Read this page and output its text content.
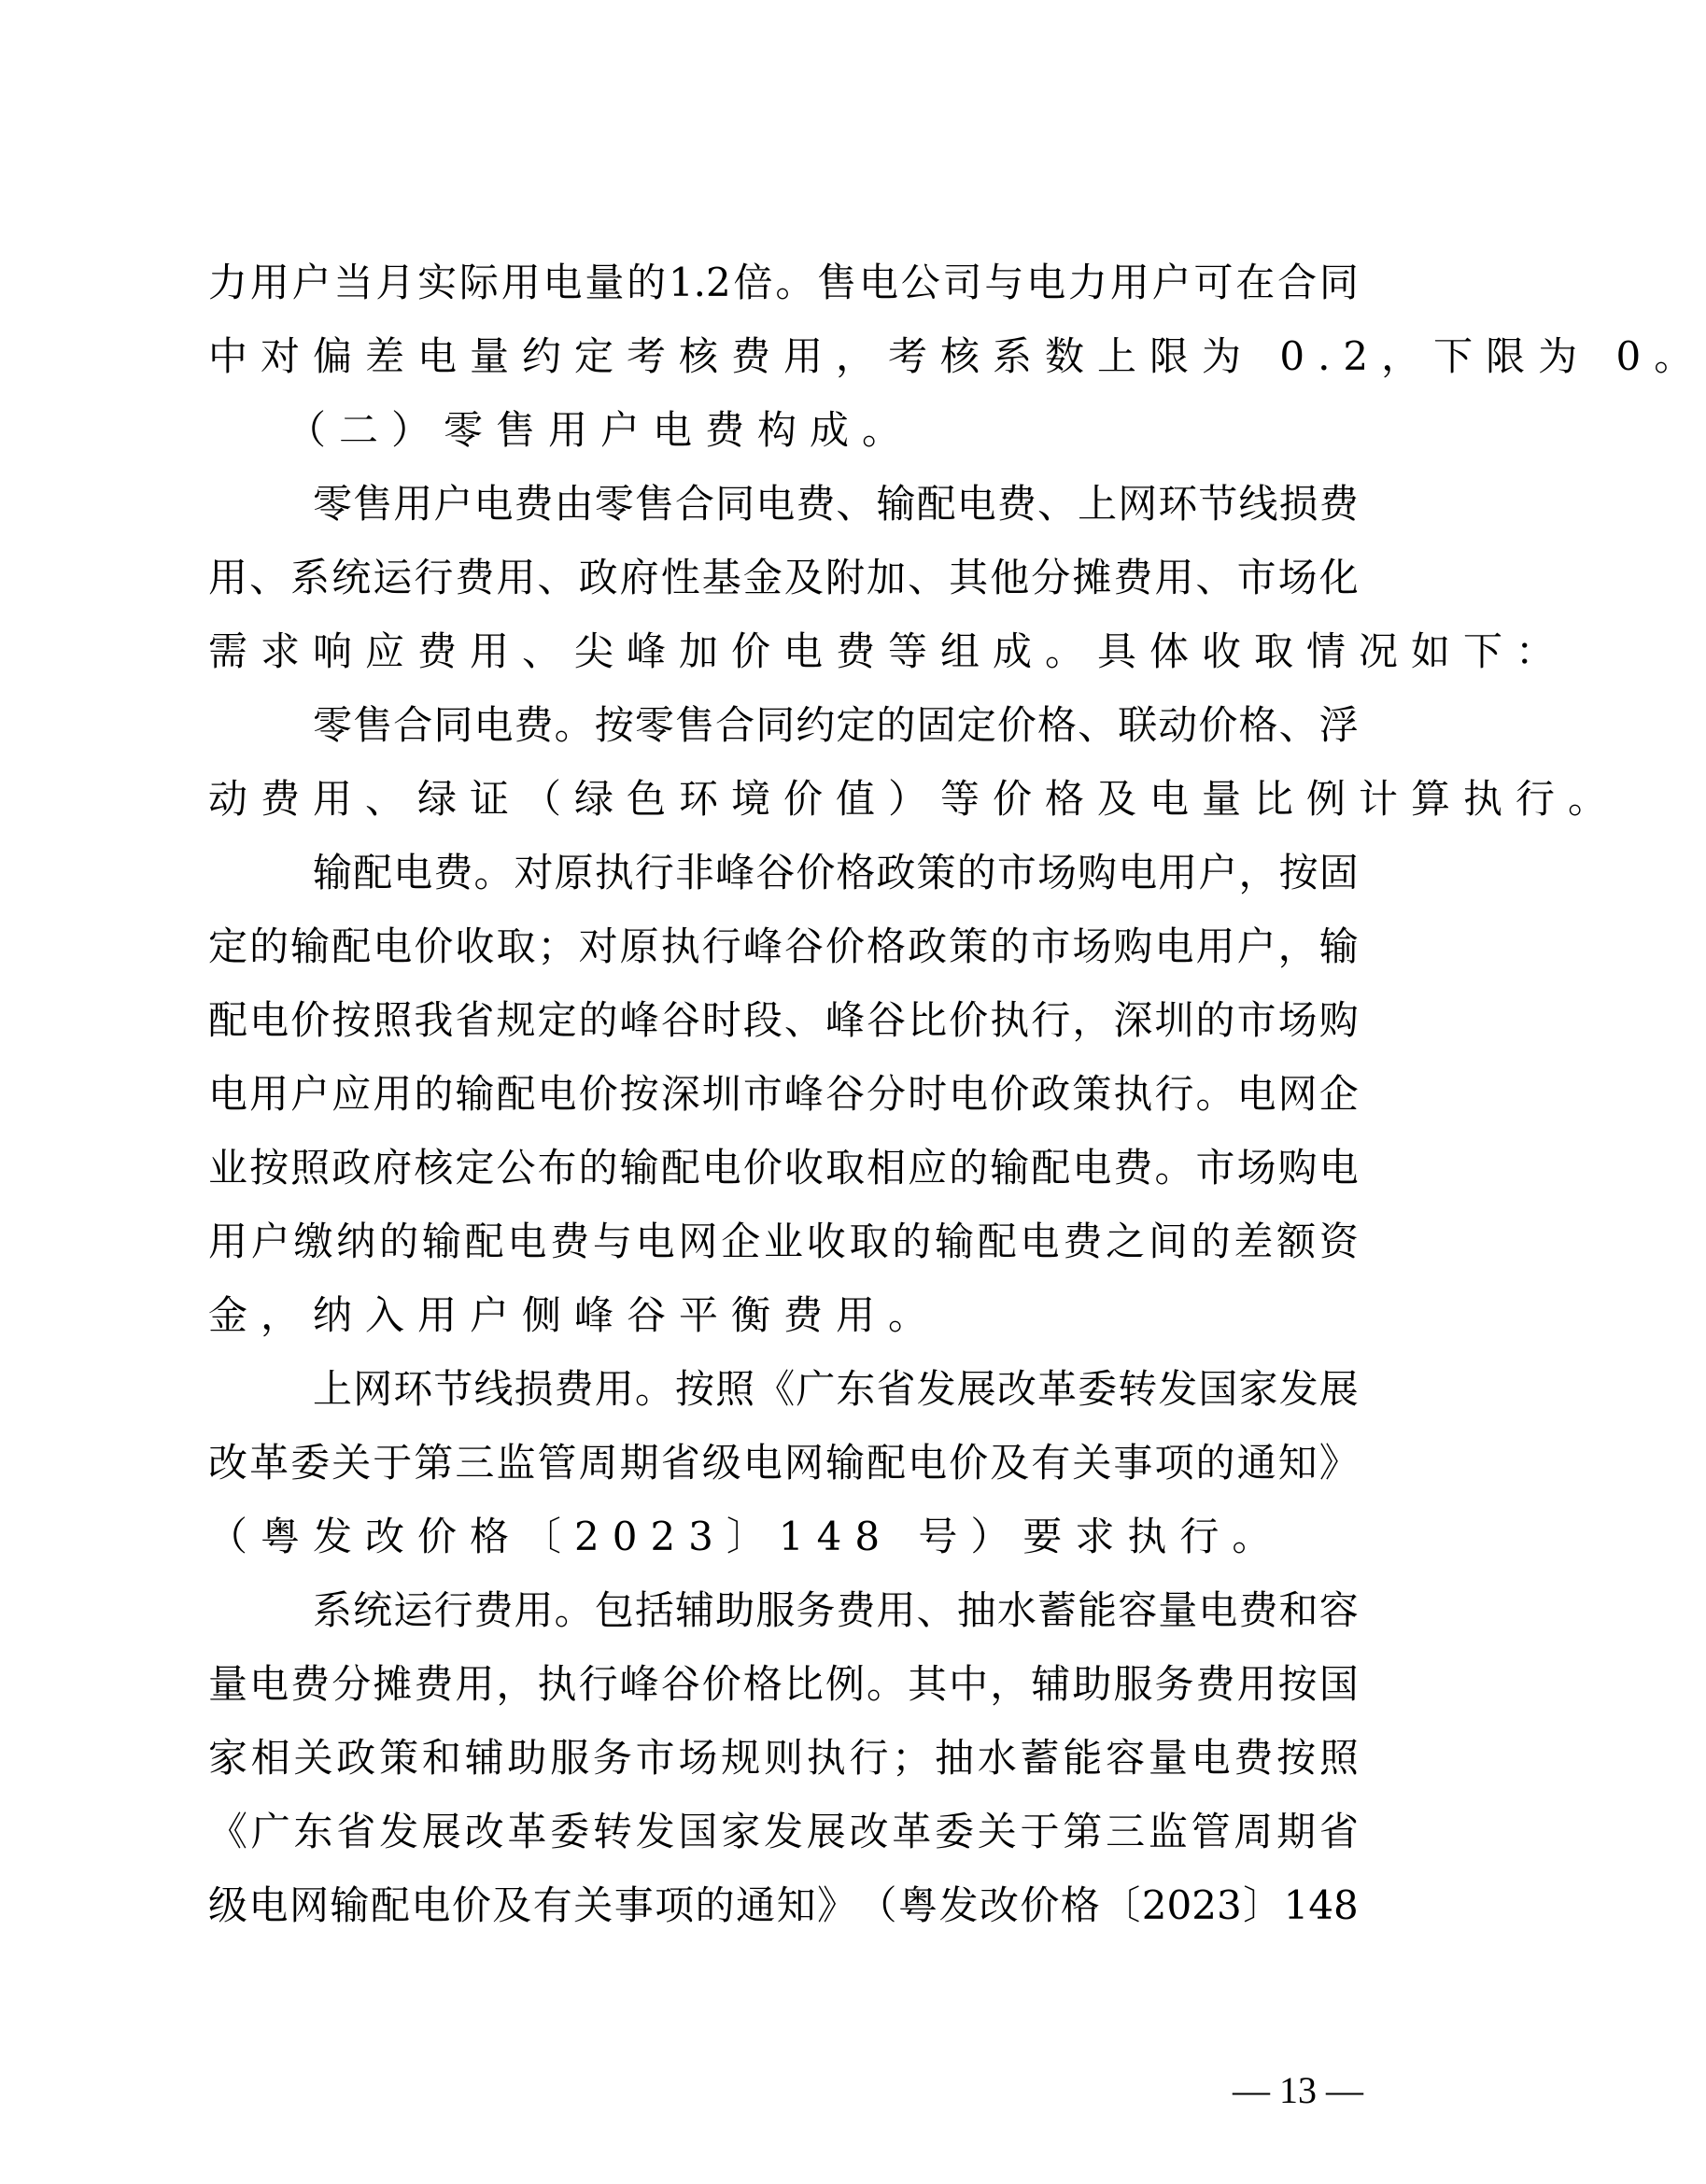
力 用 户 当 月 实 际 用 电 量 的 1.2 倍 。 售 电 公 司 与 电 力 用 户 可 在 合 同
中对偏差电量约定考核费用，考核系数上限为 0.2，下限为 0。
（二）零售用户电费构成。
零 售 用 户 电 费 由 零 售 合 同 电 费 、 输 配 电 费 、 上 网 环 节 线 损 费
用 、 系 统 运 行 费 用 、 政 府 性 基 金 及 附 加 、 其 他 分 摊 费 用 、 市 场 化
需求响应费用、尖峰加价电费等组成。具体收取情况如下：
零 售 合 同 电 费 。 按 零 售 合 同 约 定 的 固 定 价 格 、 联 动 价 格 、 浮
动费用、绿证（绿色环境价值）等价格及电量比例计算执行。
输 配 电 费 。 对 原 执 行 非 峰 谷 价 格 政 策 的 市 场 购 电 用 户 ， 按 固
定 的 输 配 电 价 收 取 ； 对 原 执 行 峰 谷 价 格 政 策 的 市 场 购 电 用 户 ， 输
配 电 价 按 照 我 省 规 定 的 峰 谷 时 段 、 峰 谷 比 价 执 行 ， 深 圳 的 市 场 购
电 用 户 应 用 的 输 配 电 价 按 深 圳 市 峰 谷 分 时 电 价 政 策 执 行 。 电 网 企
业 按 照 政 府 核 定 公 布 的 输 配 电 价 收 取 相 应 的 输 配 电 费 。 市 场 购 电
用 户 缴 纳 的 输 配 电 费 与 电 网 企 业 收 取 的 输 配 电 费 之 间 的 差 额 资
金，纳入用户侧峰谷平衡费用。
上 网 环 节 线 损 费 用 。 按 照 《 广 东 省 发 展 改 革 委 转 发 国 家 发 展
改 革 委 关 于 第 三 监 管 周 期 省 级 电 网 输 配 电 价 及 有 关 事 项 的 通 知 》
（粤发改价格〔2023〕148 号）要求执行。
系 统 运 行 费 用 。 包 括 辅 助 服 务 费 用 、 抽 水 蓄 能 容 量 电 费 和 容
量 电 费 分 摊 费 用 ， 执 行 峰 谷 价 格 比 例 。 其 中 ， 辅 助 服 务 费 用 按 国
家 相 关 政 策 和 辅 助 服 务 市 场 规 则 执 行 ； 抽 水 蓄 能 容 量 电 费 按 照
《 广 东 省 发 展 改 革 委 转 发 国 家 发 展 改 革 委 关 于 第 三 监 管 周 期 省
级 电 网 输 配 电 价 及 有 关 事 项 的 通 知 》 （ 粤 发 改 价 格 〔 2023 〕 148
— 13 —
